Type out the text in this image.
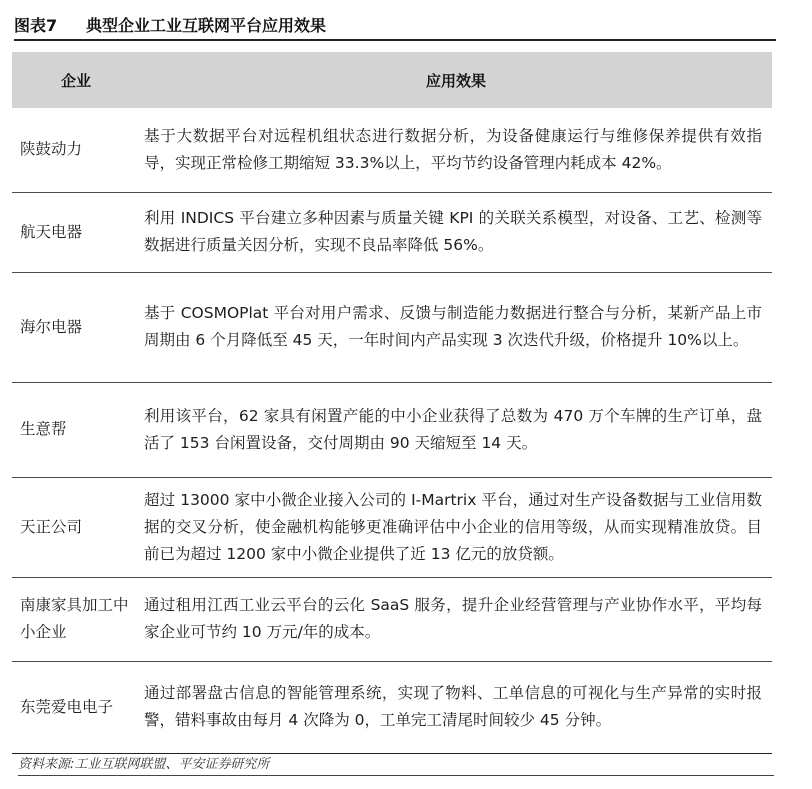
图表7 典型企业工业互联网平台应用效果
企业	应用效果
陕鼓动力	基于大数据平台对远程机组状态进行数据分析，为设备健康运行与维修保养提供有效指导，实现正常检修工期缩短 33.3%以上，平均节约设备管理内耗成本 42%。
航天电器	利用 INDICS 平台建立多种因素与质量关键 KPI 的关联关系模型，对设备、工艺、检测等数据进行质量关因分析，实现不良品率降低 56%。
海尔电器	基于 COSMOPlat 平台对用户需求、反馈与制造能力数据进行整合与分析，某新产品上市周期由 6 个月降低至 45 天，一年时间内产品实现 3 次迭代升级，价格提升 10%以上。
生意帮	利用该平台，62 家具有闲置产能的中小企业获得了总数为 470 万个车牌的生产订单，盘活了 153 台闲置设备，交付周期由 90 天缩短至 14 天。
天正公司	超过 13000 家中小微企业接入公司的 I-Martrix 平台，通过对生产设备数据与工业信用数据的交叉分析，使金融机构能够更准确评估中小企业的信用等级，从而实现精准放贷。目前已为超过 1200 家中小微企业提供了近 13 亿元的放贷额。
南康家具加工中小企业	通过租用江西工业云平台的云化 SaaS 服务，提升企业经营管理与产业协作水平，平均每家企业可节约 10 万元/年的成本。
东莞爱电电子	通过部署盘古信息的智能管理系统，实现了物料、工单信息的可视化与生产异常的实时报警，错料事故由每月 4 次降为 0，工单完工清尾时间较少 45 分钟。
资料来源:工业互联网联盟、平安证券研究所
